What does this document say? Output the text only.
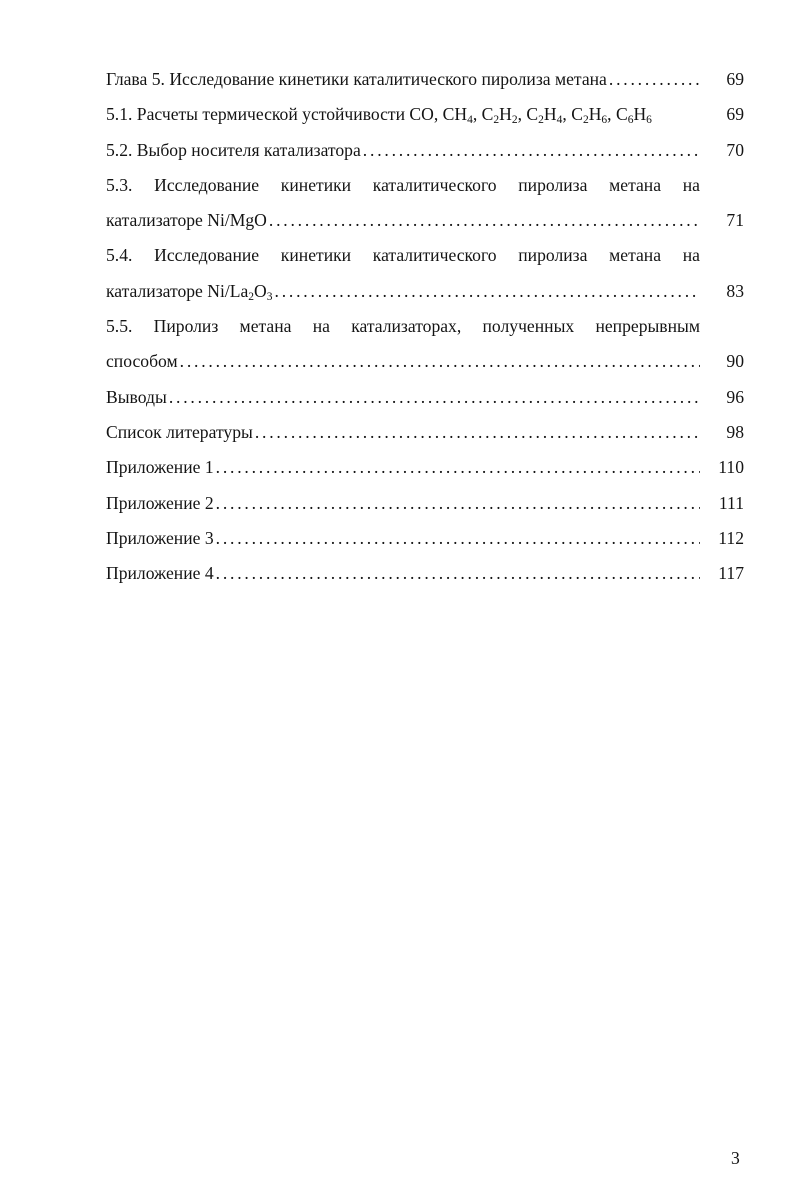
Глава 5. Исследование кинетики каталитического пиролиза метана . . .	69
5.1. Расчеты термической устойчивости CO, $CH_4$, $C_2H_2$, $C_2H_4$, $C_2H_6$, $C_6H_6$	69
5.2. Выбор носителя катализатора . . .	70
5.3. Исследование кинетики каталитического пиролиза метана на
катализаторе Ni/MgO . . .	71
5.4. Исследование кинетики каталитического пиролиза метана на
катализаторе $Ni/La_2O_3$ . . .	83
5.5. Пиролиз метана на катализаторах, полученных непрерывным
способом . . .	90
Выводы . . .	96
Список литературы . . .	98
Приложение 1 . . .	110
Приложение 2 . . .	111
Приложение 3 . . .	112
Приложение 4 . . .	117
3
